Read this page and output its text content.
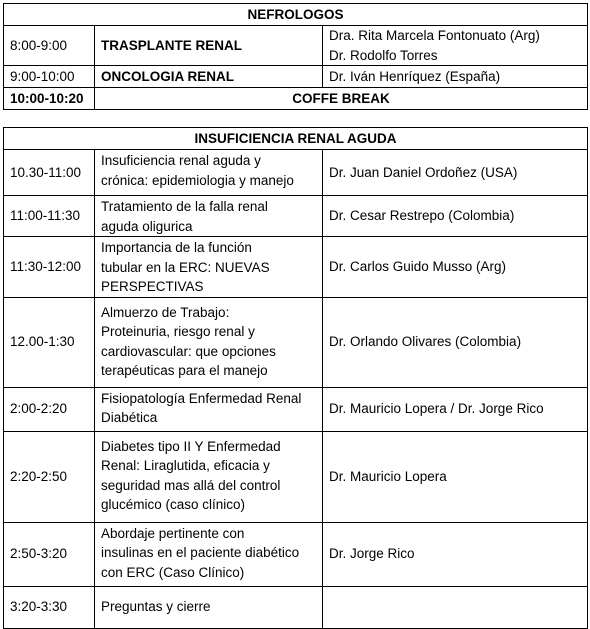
NEFROLOGOS		
8:00-9:00	TRASPLANTE RENAL	Dra. Rita Marcela Fontonuato (Arg)
Dr. Rodolfo Torres

9:00-10:00	ONCOLOGIA RENAL	Dr. Iván Henríquez (España)
10:00-10:20	COFFE BREAK	
INSUFICIENCIA RENAL AGUDA		
10.30-11:00	Insuficiencia renal aguda y
crónica: epidemiologia y manejo	Dr. Juan Daniel Ordoñez (USA)
11:00-11:30	Tratamiento de la falla renal
aguda oligurica	Dr. Cesar Restrepo (Colombia)
11:30-12:00	Importancia de la función
tubular en la ERC: NUEVAS
PERSPECTIVAS	Dr. Carlos Guido Musso (Arg)
12.00-1:30	Almuerzo de Trabajo:
Proteinuria, riesgo renal y
cardiovascular: que opciones
terapéuticas para el manejo	Dr. Orlando Olivares (Colombia)
2:00-2:20	Fisiopatología Enfermedad Renal
Diabética	Dr. Mauricio Lopera / Dr. Jorge Rico
2:20-2:50	Diabetes tipo II Y Enfermedad
Renal: Liraglutida, eficacia y
seguridad mas allá del control
glucémico (caso clínico)	Dr. Mauricio Lopera
2:50-3:20	Abordaje pertinente con
insulinas en el paciente diabético
con ERC (Caso Clínico)	Dr. Jorge Rico
3:20-3:30	Preguntas y cierre	
